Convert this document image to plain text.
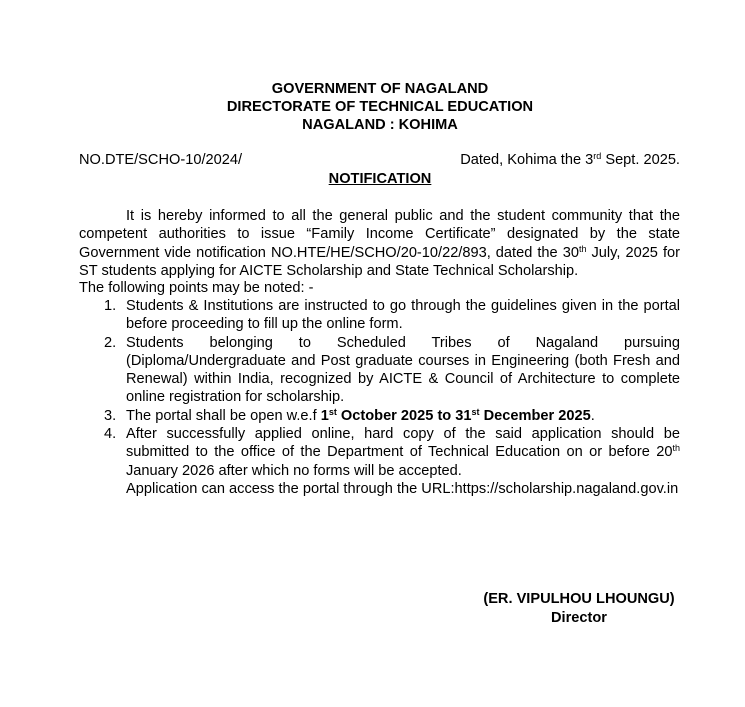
GOVERNMENT OF NAGALAND
DIRECTORATE OF TECHNICAL EDUCATION
NAGALAND : KOHIMA
NO.DTE/SCHO-10/2024/	Dated, Kohima the 3rd Sept. 2025.
NOTIFICATION
It is hereby informed to all the general public and the student community that the competent authorities to issue “Family Income Certificate” designated by the state Government vide notification NO.HTE/HE/SCHO/20-10/22/893, dated the 30th July, 2025 for ST students applying for AICTE Scholarship and State Technical Scholarship.
The following points may be noted: -
1. Students & Institutions are instructed to go through the guidelines given in the portal before proceeding to fill up the online form.
2. Students belonging to Scheduled Tribes of Nagaland pursuing
(Diploma/Undergraduate and Post graduate courses in Engineering (both Fresh and Renewal) within India, recognized by AICTE & Council of Architecture to complete online registration for scholarship.
3. The portal shall be open w.e.f 1st October 2025 to 31st December 2025.
4. After successfully applied online, hard copy of the said application should be submitted to the office of the Department of Technical Education on or before 20th January 2026 after which no forms will be accepted.
Application can access the portal through the URL:https://scholarship.nagaland.gov.in
(ER. VIPULHOU LHOUNGU)
Director
